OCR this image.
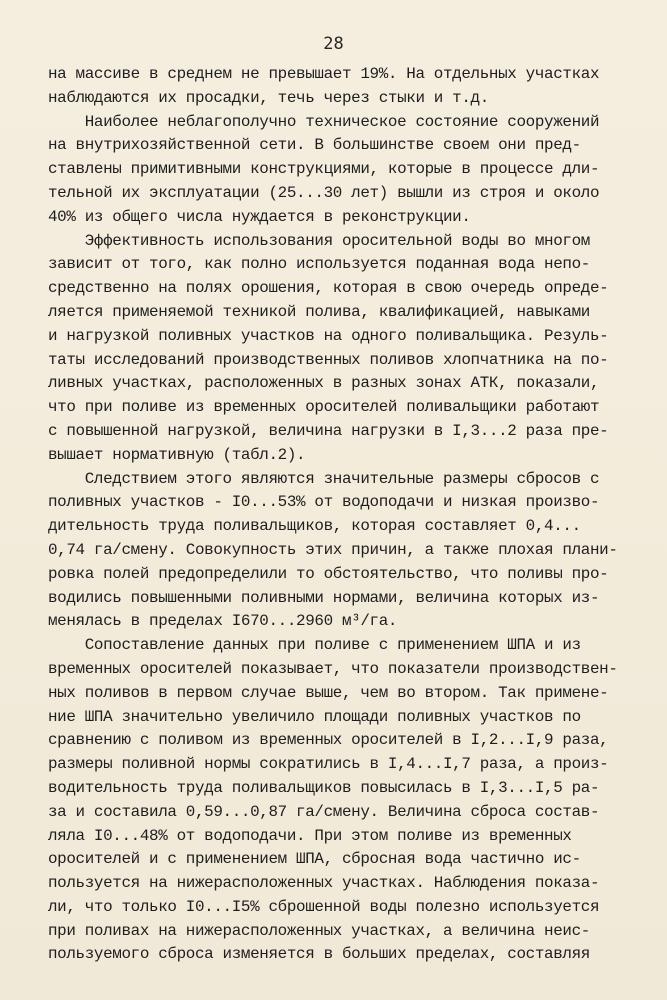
28
на массиве в среднем не превышает 19%. На отдельных участках
наблюдаются их просадки, течь через стыки и т.д.
Наиболее неблагополучно техническое состояние сооружений
на внутрихозяйственной сети. В большинстве своем они пред-
ставлены примитивными конструкциями, которые в процессе дли-
тельной их эксплуатации (25...30 лет) вышли из строя и около
40% из общего числа нуждается в реконструкции.
Эффективность использования оросительной воды во многом
зависит от того, как полно используется поданная вода непо-
средственно на полях орошения, которая в свою очередь опреде-
ляется применяемой техникой полива, квалификацией, навыками
и нагрузкой поливных участков на одного поливальщика. Резуль-
таты исследований производственных поливов хлопчатника на по-
ливных участках, расположенных в разных зонах АТК, показали,
что при поливе из временных оросителей поливальщики работают
с повышенной нагрузкой, величина нагрузки в I,3...2 раза пре-
вышает нормативную (табл.2).
Следствием этого являются значительные размеры сбросов с
поливных участков - I0...53% от водоподачи и низкая произво-
дительность труда поливальщиков, которая составляет 0,4...
0,74 га/смену. Совокупность этих причин, а также плохая плани-
ровка полей предопределили то обстоятельство, что поливы про-
водились повышенными поливными нормами, величина которых из-
менялась в пределах I670...2960 м³/га.
Сопоставление данных при поливе с применением ШПА и из
временных оросителей показывает, что показатели производствен-
ных поливов в первом случае выше, чем во втором. Так примене-
ние ШПА значительно увеличило площади поливных участков по
сравнению с поливом из временных оросителей в I,2...I,9 раза,
размеры поливной нормы сократились в I,4...I,7 раза, а произ-
водительность труда поливальщиков повысилась в I,3...I,5 ра-
за и составила 0,59...0,87 га/смену. Величина сброса состав-
ляла I0...48% от водоподачи. При этом поливе из временных
оросителей и с применением ШПА, сбросная вода частично ис-
пользуется на нижерасположенных участках. Наблюдения показа-
ли, что только I0...I5% сброшенной воды полезно используется
при поливах на нижерасположенных участках, а величина неис-
пользуемого сброса изменяется в больших пределах, составляя
